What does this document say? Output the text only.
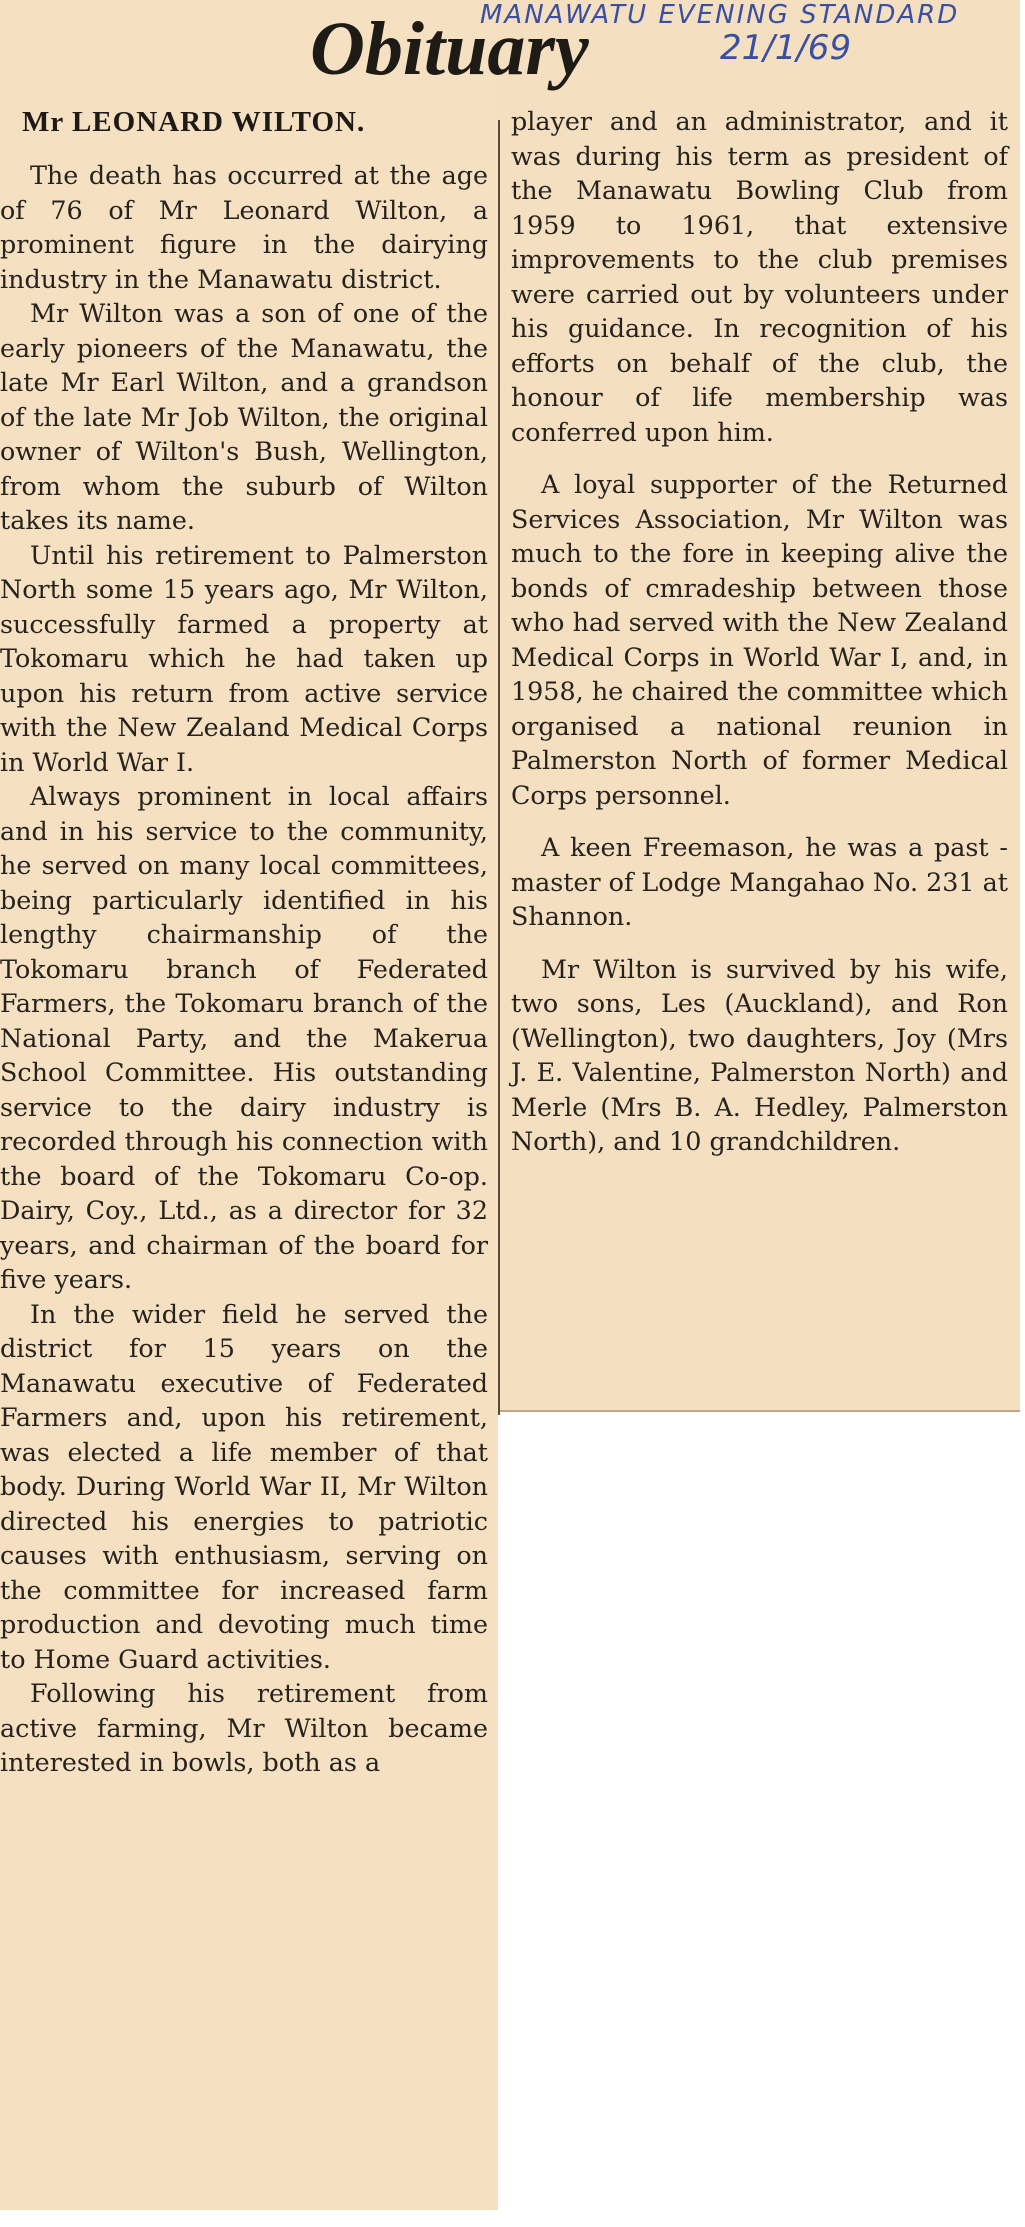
MANAWATU EVENING STANDARD
21/1/69
Obituary
Mr LEONARD WILTON.

The death has occurred at the age of 76 of Mr Leonard Wilton, a prominent figure in the dairying industry in the Manawatu district.

Mr Wilton was a son of one of the early pioneers of the Manawatu, the late Mr Earl Wilton, and a grandson of the late Mr Job Wilton, the original owner of Wilton's Bush, Wellington, from whom the suburb of Wilton takes its name.

Until his retirement to Palmerston North some 15 years ago, Mr Wilton, successfully farmed a property at Tokomaru which he had taken up upon his return from active service with the New Zealand Medical Corps in World War I.

Always prominent in local affairs and in his service to the community, he served on many local committees, being particularly identified in his lengthy chairmanship of the Tokomaru branch of Federated Farmers, the Tokomaru branch of the National Party, and the Makerua School Committee. His outstanding service to the dairy industry is recorded through his connection with the board of the Tokomaru Co-op. Dairy, Coy., Ltd., as a director for 32 years, and chairman of the board for five years.

In the wider field he served the district for 15 years on the Manawatu executive of Federated Farmers and, upon his retirement, was elected a life member of that body. During World War II, Mr Wilton directed his energies to patriotic causes with enthusiasm, serving on the committee for increased farm production and devoting much time to Home Guard activities.

Following his retirement from active farming, Mr Wilton became interested in bowls, both as a

player and an administrator, and it was during his term as president of the Manawatu Bowling Club from 1959 to 1961, that extensive improvements to the club premises were carried out by volunteers under his guidance. In recognition of his efforts on behalf of the club, the honour of life membership was conferred upon him.

A loyal supporter of the Returned Services Association, Mr Wilton was much to the fore in keeping alive the bonds of cmradeship between those who had served with the New Zealand Medical Corps in World War I, and, in 1958, he chaired the committee which organised a national reunion in Palmerston North of former Medical Corps personnel.

A keen Freemason, he was a past - master of Lodge Mangahao No. 231 at Shannon.

Mr Wilton is survived by his wife, two sons, Les (Auckland), and Ron (Wellington), two daughters, Joy (Mrs J. E. Valentine, Palmerston North) and Merle (Mrs B. A. Hedley, Palmerston North), and 10 grandchildren.
